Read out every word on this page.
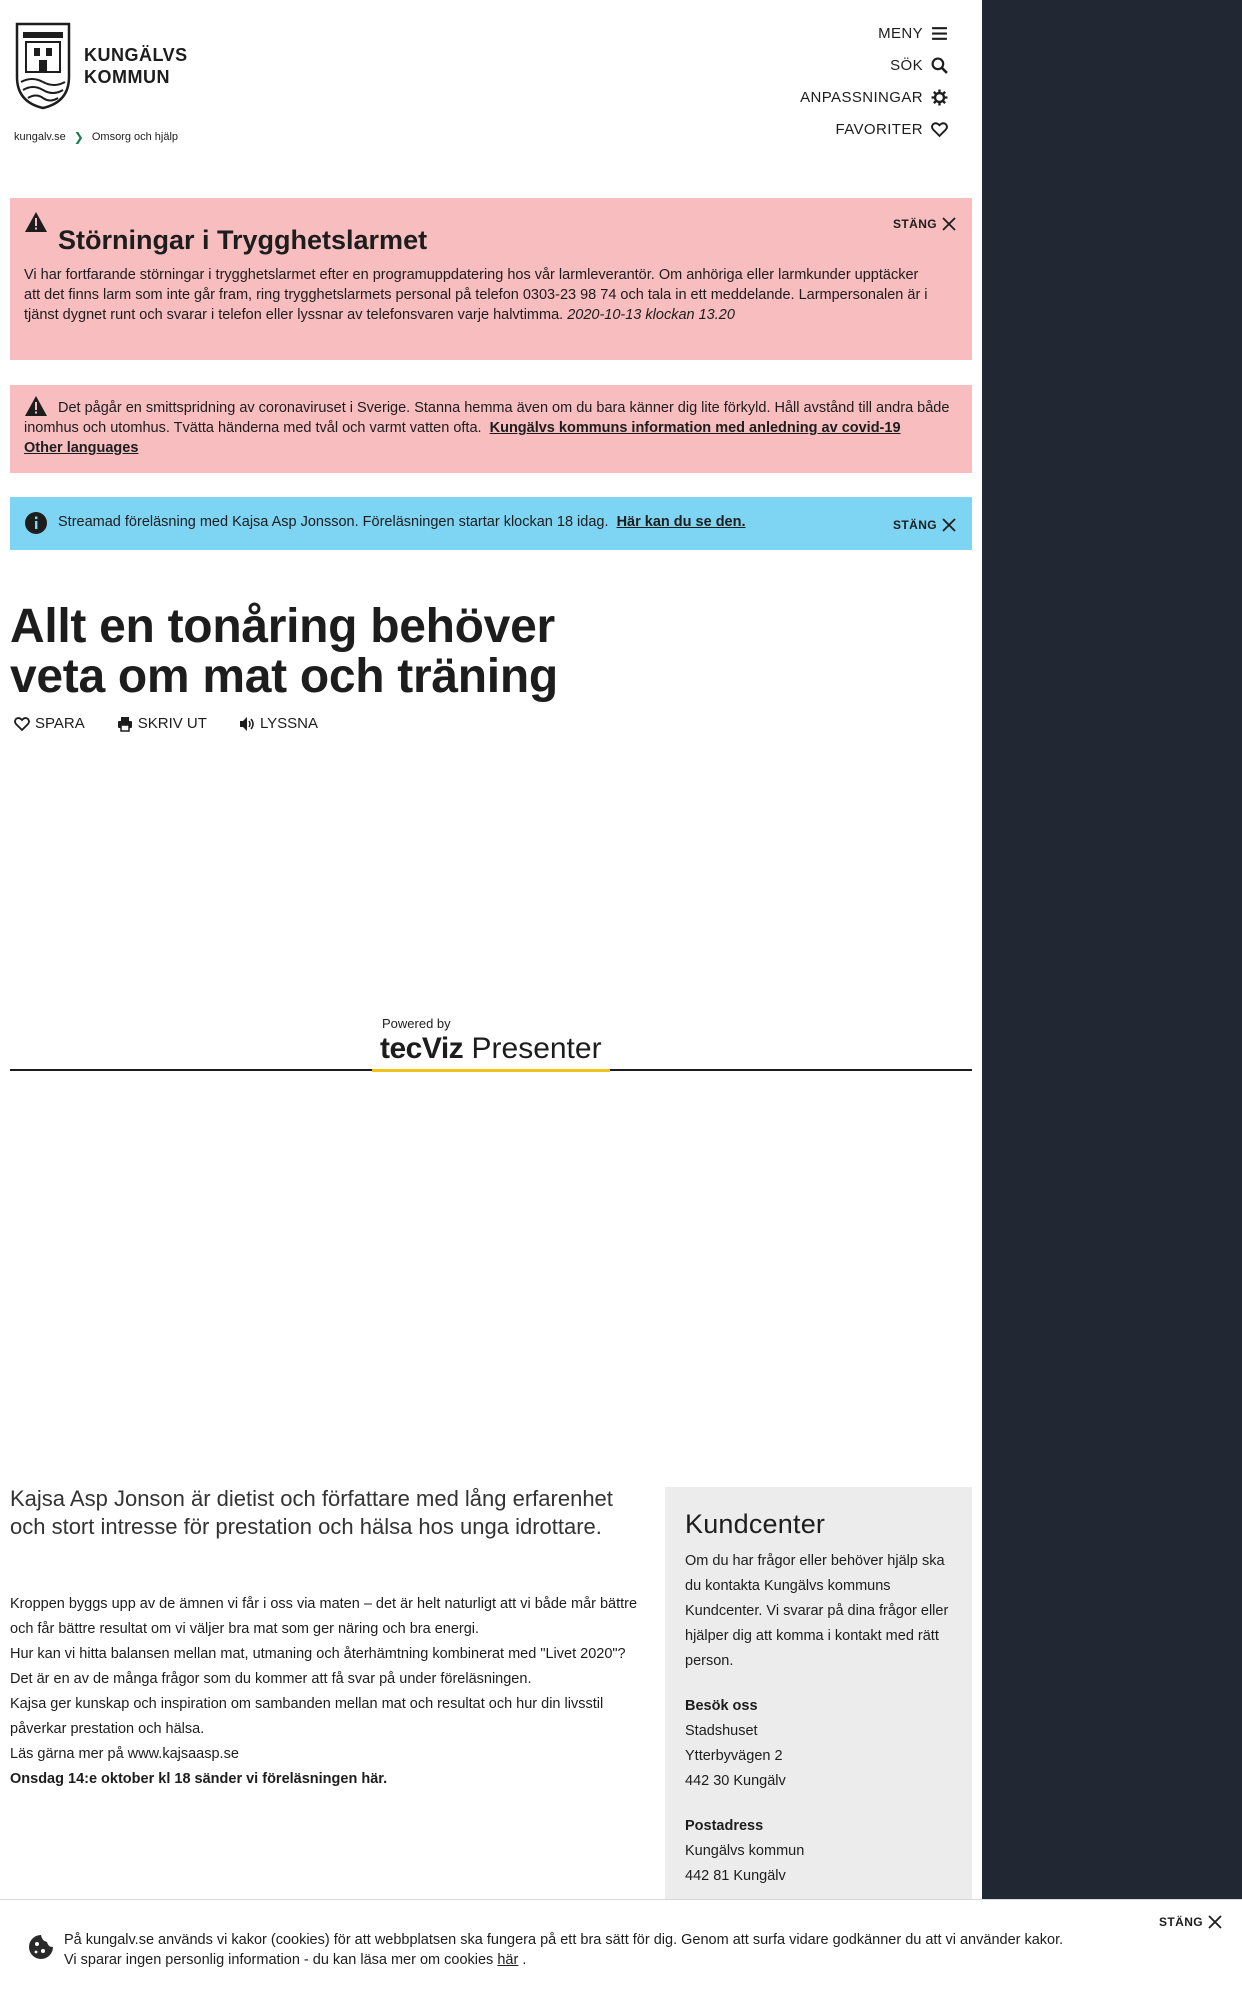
KUNGÄLVS
KOMMUN
kungalv.se ❯ Omsorg och hjälp
MENY
SÖK
ANPASSNINGAR
FAVORITER
STÄNG
Störningar i Trygghetslarmet
Vi har fortfarande störningar i trygghetslarmet efter en programuppdatering hos vår larmleverantör. Om anhöriga eller larmkunder upptäcker att det finns larm som inte går fram, ring trygghetslarmets personal på telefon 0303-23 98 74 och tala in ett meddelande. Larmpersonalen är i tjänst dygnet runt och svarar i telefon eller lyssnar av telefonsvaren varje halvtimma. 2020-10-13 klockan 13.20
Det pågår en smittspridning av coronaviruset i Sverige. Stanna hemma även om du bara känner dig lite förkyld. Håll avstånd till andra både inomhus och utomhus. Tvätta händerna med tvål och varmt vatten ofta. Kungälvs kommuns information med anledning av covid-19Other languages
Streamad föreläsning med Kajsa Asp Jonsson. Föreläsningen startar klockan 18 idag. Här kan du se den.	STÄNG
Allt en tonåring behöver veta om mat och träning
SPARA	SKRIV UT	LYSSNA
Powered by
tecViz Presenter
Kajsa Asp Jonson är dietist och författare med lång erfarenhet och stort intresse för prestation och hälsa hos unga idrottare.

Kroppen byggs upp av de ämnen vi får i oss via maten – det är helt naturligt att vi både mår bättre och får bättre resultat om vi väljer bra mat som ger näring och bra energi.

Hur kan vi hitta balansen mellan mat, utmaning och återhämtning kombinerat med "Livet 2020"?

Det är en av de många frågor som du kommer att få svar på under föreläsningen.

Kajsa ger kunskap och inspiration om sambanden mellan mat och resultat och hur din livsstil påverkar prestation och hälsa.

Läs gärna mer på www.kajsaasp.se

Onsdag 14:e oktober kl 18 sänder vi föreläsningen här.

Kundcenter

Om du har frågor eller behöver hjälp ska du kontakta Kungälvs kommuns Kundcenter. Vi svarar på dina frågor eller hjälper dig att komma i kontakt med rätt person.

Besök oss

Stadshuset

Ytterbyvägen 2

442 30 Kungälv

Postadress

Kungälvs kommun

442 81 Kungälv

På kungalv.se används vi kakor (cookies) för att webbplatsen ska fungera på ett bra sätt för dig. Genom att surfa vidare godkänner du att vi använder kakor.
Vi sparar ingen personlig information - du kan läsa mer om cookies här .
STÄNG
